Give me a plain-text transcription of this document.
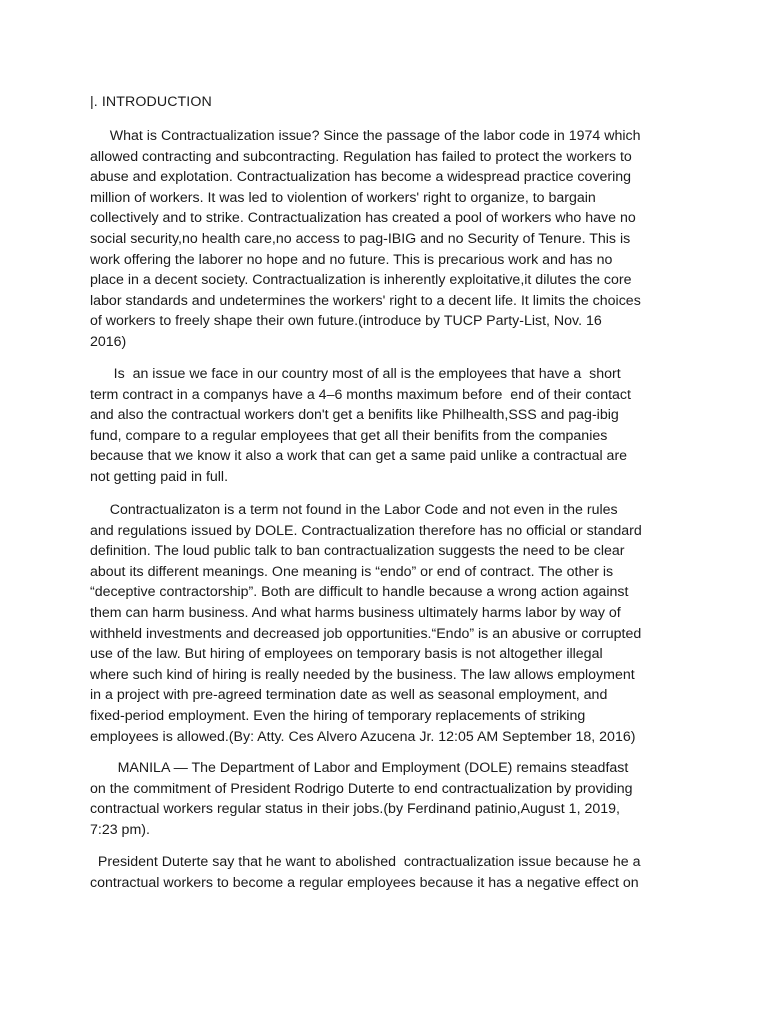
|. INTRODUCTION
What is Contractualization issue? Since the passage of the labor code in 1974 which
allowed contracting and subcontracting. Regulation has failed to protect the workers to
abuse and explotation. Contractualization has become a widespread practice covering
million of workers. It was led to violention of workers' right to organize, to bargain
collectively and to strike. Contractualization has created a pool of workers who have no
social security,no health care,no access to pag-IBIG and no Security of Tenure. This is
work offering the laborer no hope and no future. This is precarious work and has no
place in a decent society. Contractualization is inherently exploitative,it dilutes the core
labor standards and undetermines the workers' right to a decent life. It limits the choices
of workers to freely shape their own future.(introduce by TUCP Party-List, Nov. 16
2016)
Is  an issue we face in our country most of all is the employees that have a  short
term contract in a companys have a 4–6 months maximum before  end of their contact
and also the contractual workers don't get a benifits like Philhealth,SSS and pag-ibig
fund, compare to a regular employees that get all their benifits from the companies
because that we know it also a work that can get a same paid unlike a contractual are
not getting paid in full.
Contractualizaton is a term not found in the Labor Code and not even in the rules
and regulations issued by DOLE. Contractualization therefore has no official or standard
definition. The loud public talk to ban contractualization suggests the need to be clear
about its different meanings. One meaning is “endo” or end of contract. The other is
“deceptive contractorship”. Both are difficult to handle because a wrong action against
them can harm business. And what harms business ultimately harms labor by way of
withheld investments and decreased job opportunities.“Endo” is an abusive or corrupted
use of the law. But hiring of employees on temporary basis is not altogether illegal
where such kind of hiring is really needed by the business. The law allows employment
in a project with pre-agreed termination date as well as seasonal employment, and
fixed-period employment. Even the hiring of temporary replacements of striking
employees is allowed.(By: Atty. Ces Alvero Azucena Jr. 12:05 AM September 18, 2016)
MANILA — The Department of Labor and Employment (DOLE) remains steadfast
on the commitment of President Rodrigo Duterte to end contractualization by providing
contractual workers regular status in their jobs.(by Ferdinand patinio,August 1, 2019,
7:23 pm).
President Duterte say that he want to abolished  contractualization issue because he a
contractual workers to become a regular employees because it has a negative effect on
